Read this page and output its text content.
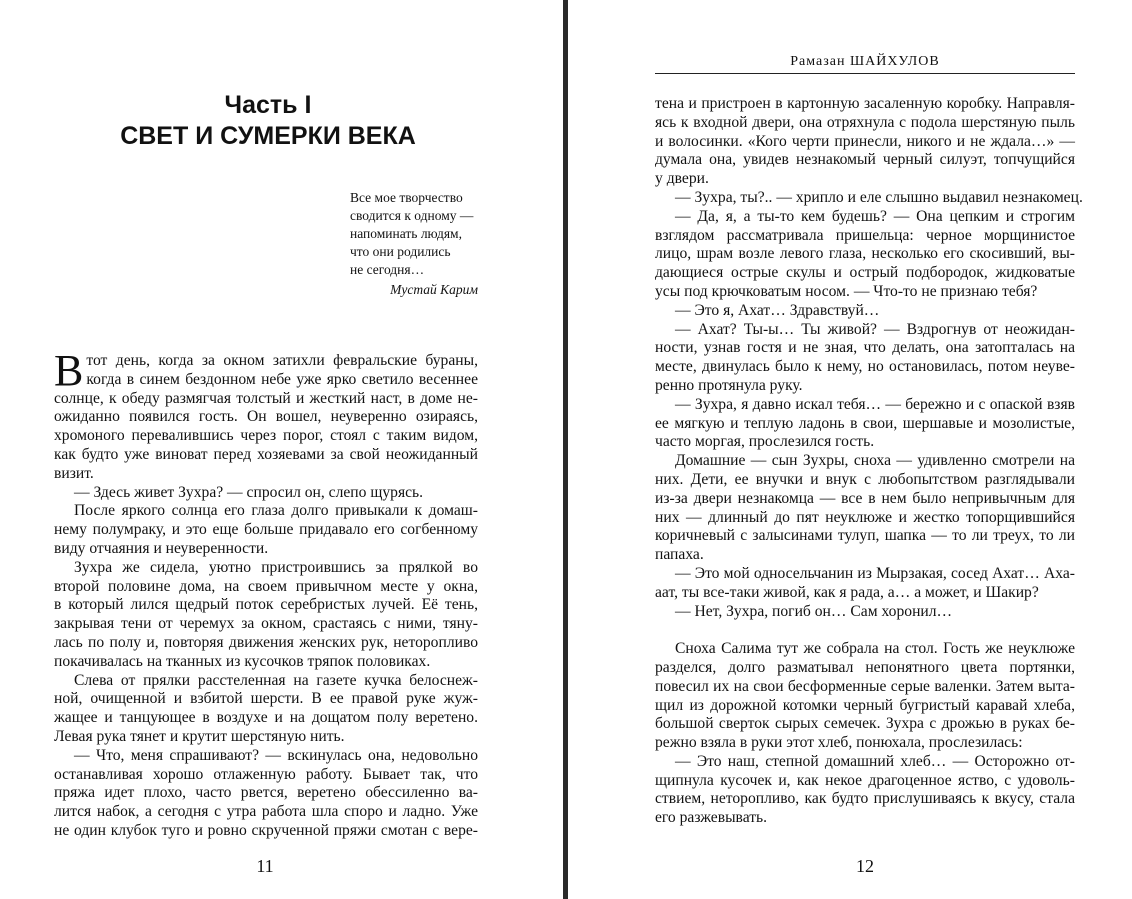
Часть I
СВЕТ И СУМЕРКИ ВЕКА
Все мое творчество
сводится к одному —
напоминать людям,
что они родились
не сегодня…
Мустай Карим
В тот день, когда за окном затихли февральские бураны,
когда в синем бездонном небе уже ярко светило весеннее
солнце, к обеду размягчая толстый и жесткий наст, в доме не-
ожиданно появился гость. Он вошел, неуверенно озираясь,
хромоного перевалившись через порог, стоял с таким видом,
как будто уже виноват перед хозяевами за свой неожиданный
визит.
— Здесь живет Зухра? — спросил он, слепо щурясь.
После яркого солнца его глаза долго привыкали к домаш-
нему полумраку, и это еще больше придавало его согбенному
виду отчаяния и неуверенности.
Зухра же сидела, уютно пристроившись за прялкой во
второй половине дома, на своем привычном месте у окна,
в который лился щедрый поток серебристых лучей. Её тень,
закрывая тени от черемух за окном, срастаясь с ними, тяну-
лась по полу и, повторяя движения женских рук, неторопливо
покачивалась на тканных из кусочков тряпок половиках.
Слева от прялки расстеленная на газете кучка белоснеж-
ной, очищенной и взбитой шерсти. В ее правой руке жуж-
жащее и танцующее в воздухе и на дощатом полу веретено.
Левая рука тянет и крутит шерстяную нить.
— Что, меня спрашивают? — вскинулась она, недовольно
останавливая хорошо отлаженную работу. Бывает так, что
пряжа идет плохо, часто рвется, веретено обессиленно ва-
лится набок, а сегодня с утра работа шла споро и ладно. Уже
не один клубок туго и ровно скрученной пряжи смотан с вере-
11
Рамазан ШАЙХУЛОВ
тена и пристроен в картонную засаленную коробку. Направля-
ясь к входной двери, она отряхнула с подола шерстяную пыль
и волосинки. «Кого черти принесли, никого и не ждала…» —
думала она, увидев незнакомый черный силуэт, топчущийся
у двери.
— Зухра, ты?.. — хрипло и еле слышно выдавил незнакомец.
— Да, я, а ты-то кем будешь? — Она цепким и строгим
взглядом рассматривала пришельца: черное морщинистое
лицо, шрам возле левого глаза, несколько его скосивший, вы-
дающиеся острые скулы и острый подбородок, жидковатые
усы под крючковатым носом. — Что-то не признаю тебя?
— Это я, Ахат… Здравствуй…
— Ахат? Ты-ы… Ты живой? — Вздрогнув от неожидан-
ности, узнав гостя и не зная, что делать, она затопталась на
месте, двинулась было к нему, но остановилась, потом неуве-
ренно протянула руку.
— Зухра, я давно искал тебя… — бережно и с опаской взяв
ее мягкую и теплую ладонь в свои, шершавые и мозолистые,
часто моргая, прослезился гость.
Домашние — сын Зухры, сноха — удивленно смотрели на
них. Дети, ее внучки и внук с любопытством разглядывали
из-за двери незнакомца — все в нем было непривычным для
них — длинный до пят неуклюже и жестко топорщившийся
коричневый с залысинами тулуп, шапка — то ли треух, то ли
папаха.
— Это мой односельчанин из Мырзакая, сосед Ахат… Аха-
аат, ты все-таки живой, как я рада, а… а может, и Шакир?
— Нет, Зухра, погиб он… Сам хоронил…
Сноха Салима тут же собрала на стол. Гость же неуклюже
разделся, долго разматывал непонятного цвета портянки,
повесил их на свои бесформенные серые валенки. Затем выта-
щил из дорожной котомки черный бугристый каравай хлеба,
большой сверток сырых семечек. Зухра с дрожью в руках бе-
режно взяла в руки этот хлеб, понюхала, прослезилась:
— Это наш, степной домашний хлеб… — Осторожно от-
щипнула кусочек и, как некое драгоценное яство, с удоволь-
ствием, неторопливо, как будто прислушиваясь к вкусу, стала
его разжевывать.
12
